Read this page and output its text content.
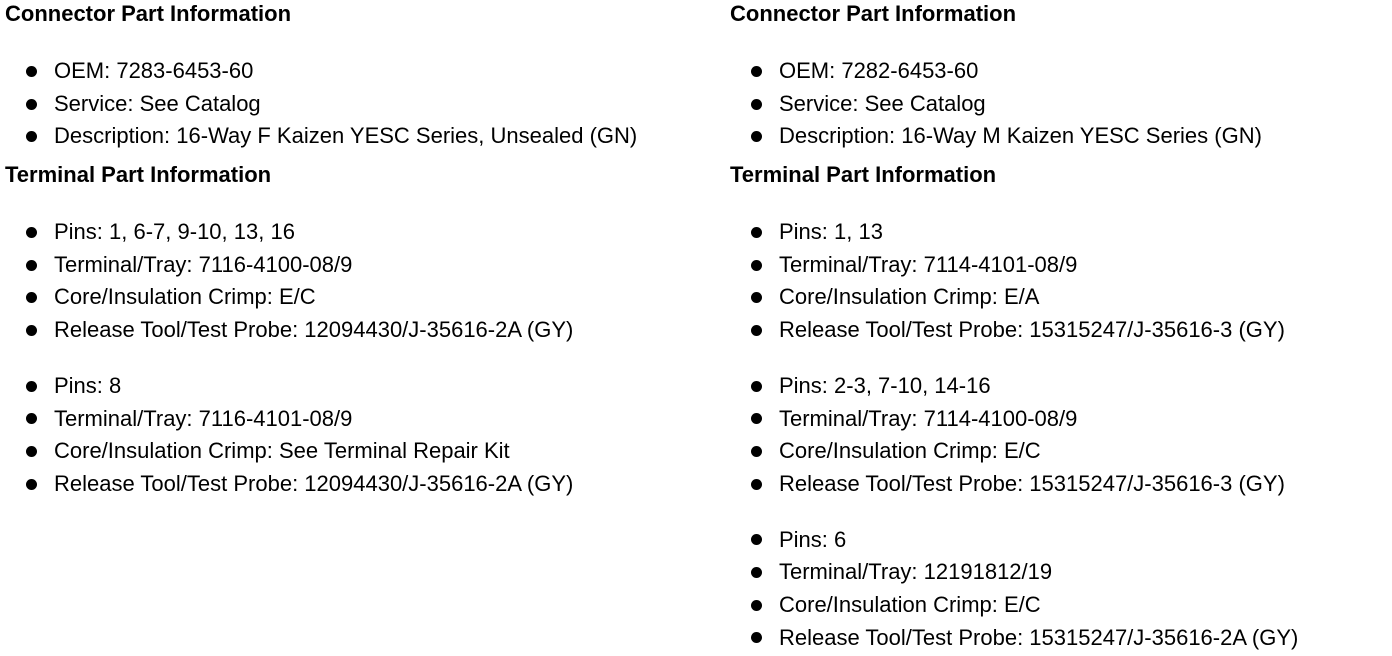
Connector Part Information
OEM: 7283-6453-60
Service: See Catalog
Description: 16-Way F Kaizen YESC Series, Unsealed (GN)
Terminal Part Information
Pins: 1, 6-7, 9-10, 13, 16
Terminal/Tray: 7116-4100-08/9
Core/Insulation Crimp: E/C
Release Tool/Test Probe: 12094430/J-35616-2A (GY)
Pins: 8
Terminal/Tray: 7116-4101-08/9
Core/Insulation Crimp: See Terminal Repair Kit
Release Tool/Test Probe: 12094430/J-35616-2A (GY)
Connector Part Information
OEM: 7282-6453-60
Service: See Catalog
Description: 16-Way M Kaizen YESC Series (GN)
Terminal Part Information
Pins: 1, 13
Terminal/Tray: 7114-4101-08/9
Core/Insulation Crimp: E/A
Release Tool/Test Probe: 15315247/J-35616-3 (GY)
Pins: 2-3, 7-10, 14-16
Terminal/Tray: 7114-4100-08/9
Core/Insulation Crimp: E/C
Release Tool/Test Probe: 15315247/J-35616-3 (GY)
Pins: 6
Terminal/Tray: 12191812/19
Core/Insulation Crimp: E/C
Release Tool/Test Probe: 15315247/J-35616-2A (GY)
